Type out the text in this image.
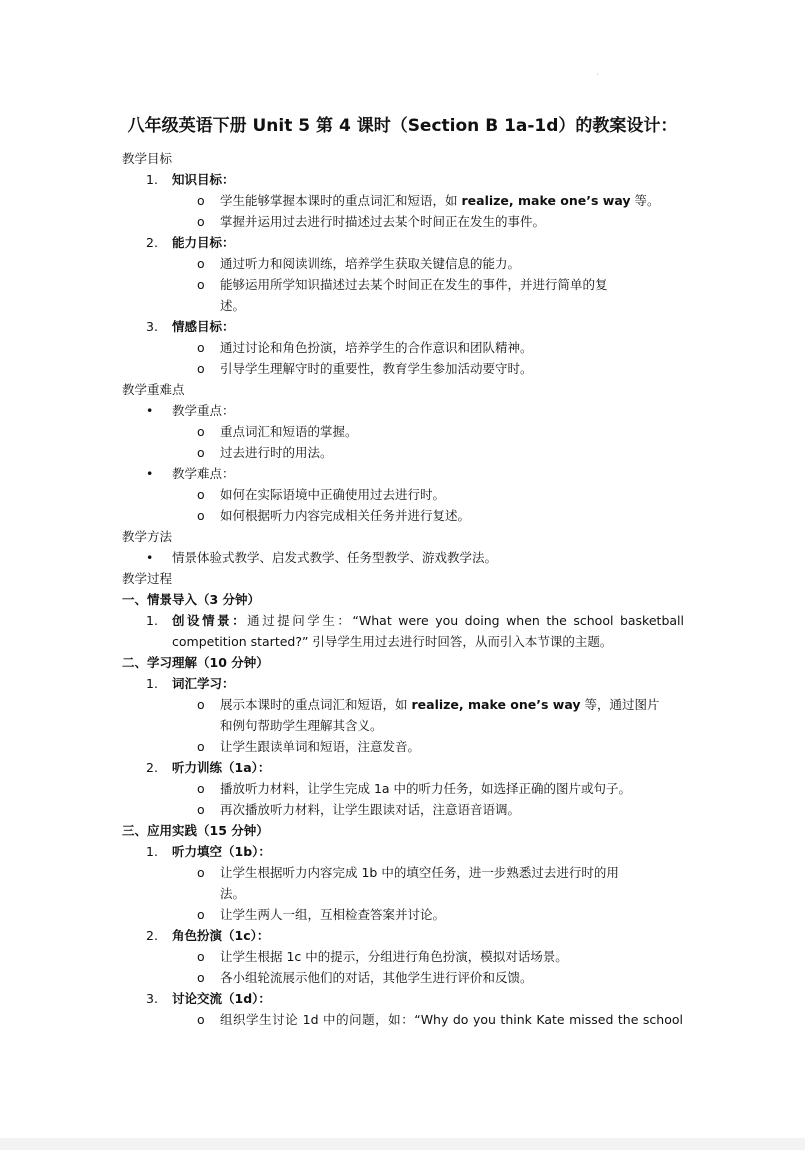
·
八年级英语下册 Unit 5 第 4 课时（Section B 1a-1d）的教案设计：
教学目标
1. 知识目标：
o 学生能够掌握本课时的重点词汇和短语，如 realize, make one’s way 等。
o 掌握并运用过去进行时描述过去某个时间正在发生的事件。
2. 能力目标：
o 通过听力和阅读训练，培养学生获取关键信息的能力。
o 能够运用所学知识描述过去某个时间正在发生的事件，并进行简单的复
述。
3. 情感目标：
o 通过讨论和角色扮演，培养学生的合作意识和团队精神。
o 引导学生理解守时的重要性，教育学生参加活动要守时。
教学重难点
• 教学重点：
o 重点词汇和短语的掌握。
o 过去进行时的用法。
• 教学难点：
o 如何在实际语境中正确使用过去进行时。
o 如何根据听力内容完成相关任务并进行复述。
教学方法
• 情景体验式教学、启发式教学、任务型教学、游戏教学法。
教学过程
一、情景导入（3 分钟）
1. 创设情景：通过提问学生：“What were you doing when the school basketball
competition started?” 引导学生用过去进行时回答，从而引入本节课的主题。
二、学习理解（10 分钟）
1. 词汇学习：
o 展示本课时的重点词汇和短语，如 realize, make one’s way 等，通过图片
和例句帮助学生理解其含义。
o 让学生跟读单词和短语，注意发音。
2. 听力训练（1a）：
o 播放听力材料，让学生完成 1a 中的听力任务，如选择正确的图片或句子。
o 再次播放听力材料，让学生跟读对话，注意语音语调。
三、应用实践（15 分钟）
1. 听力填空（1b）：
o 让学生根据听力内容完成 1b 中的填空任务，进一步熟悉过去进行时的用
法。
o 让学生两人一组，互相检查答案并讨论。
2. 角色扮演（1c）：
o 让学生根据 1c 中的提示，分组进行角色扮演，模拟对话场景。
o 各小组轮流展示他们的对话，其他学生进行评价和反馈。
3. 讨论交流（1d）：
o 组织学生讨论 1d 中的问题，如：“Why do you think Kate missed the school
